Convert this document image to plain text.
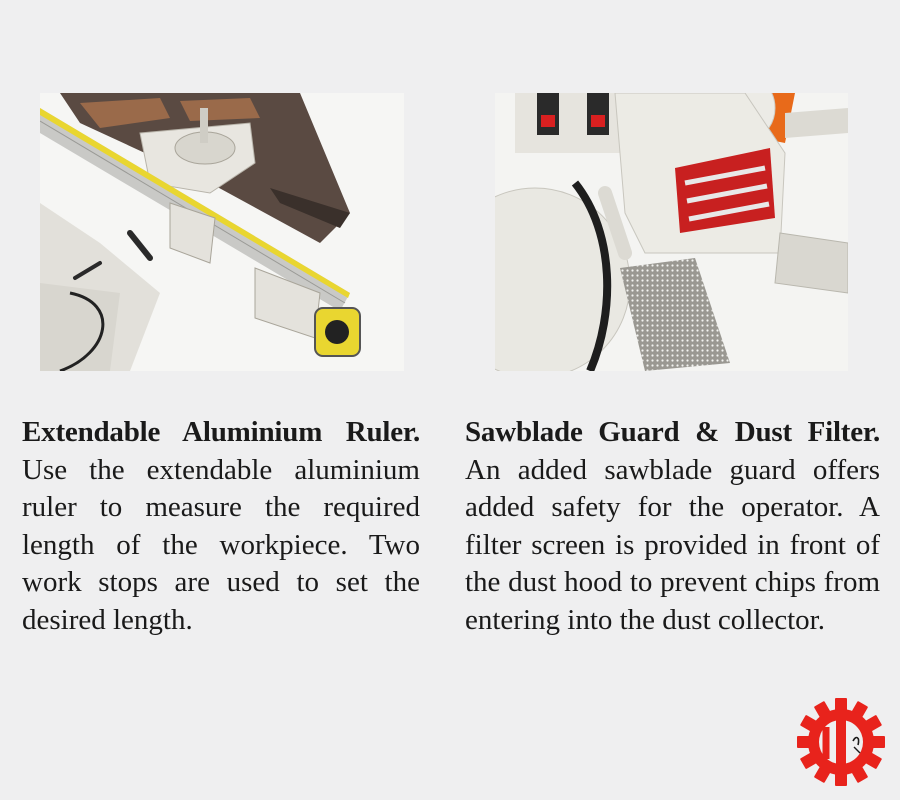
Extendable Aluminium Ruler. Use the extendable aluminium ruler to measure the required length of the workpiece. Two work stops are used to set the desired length.
Sawblade Guard & Dust Filter. An added sawblade guard offers added safety for the operator. A filter screen is provided in front of the dust hood to prevent chips from entering into the dust collector.
